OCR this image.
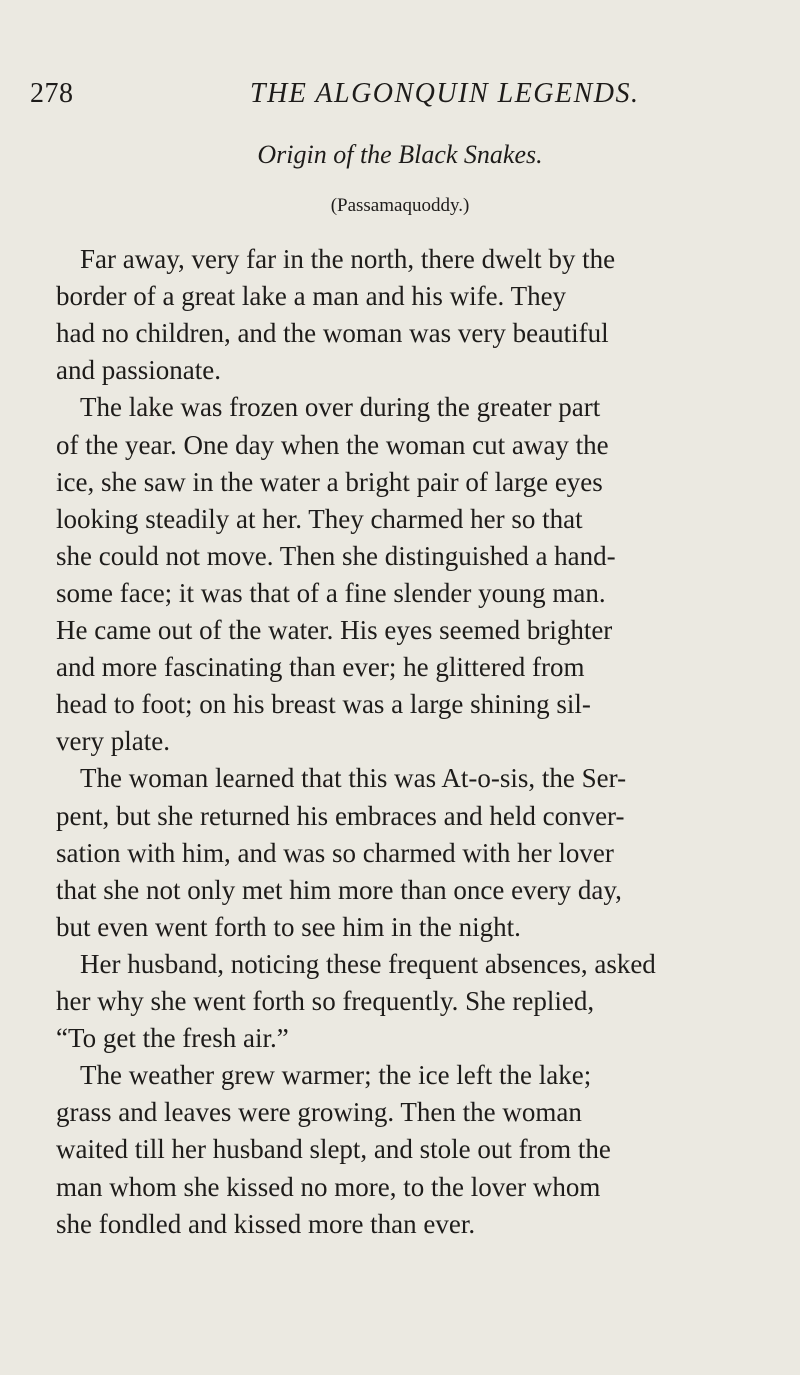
278	THE ALGONQUIN LEGENDS.
Origin of the Black Snakes.
(Passamaquoddy.)
Far away, very far in the north, there dwelt by the
border of a great lake a man and his wife. They
had no children, and the woman was very beautiful
and passionate.
The lake was frozen over during the greater part
of the year. One day when the woman cut away the
ice, she saw in the water a bright pair of large eyes
looking steadily at her. They charmed her so that
she could not move. Then she distinguished a hand-
some face; it was that of a fine slender young man.
He came out of the water. His eyes seemed brighter
and more fascinating than ever; he glittered from
head to foot; on his breast was a large shining sil-
very plate.
The woman learned that this was At-o-sis, the Ser-
pent, but she returned his embraces and held conver-
sation with him, and was so charmed with her lover
that she not only met him more than once every day,
but even went forth to see him in the night.
Her husband, noticing these frequent absences, asked
her why she went forth so frequently. She replied,
“To get the fresh air.”
The weather grew warmer; the ice left the lake;
grass and leaves were growing. Then the woman
waited till her husband slept, and stole out from the
man whom she kissed no more, to the lover whom
she fondled and kissed more than ever.
